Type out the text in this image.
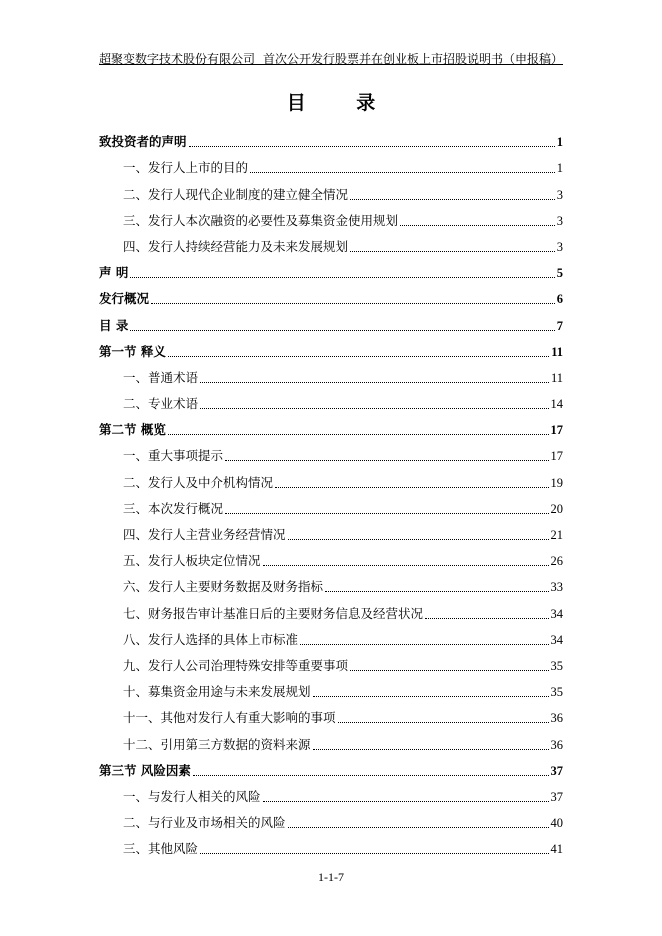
超聚变数字技术股份有限公司 首次公开发行股票并在创业板上市招股说明书（申报稿）
目 录
致投资者的声明	1
一、发行人上市的目的	1
二、发行人现代企业制度的建立健全情况	3
三、发行人本次融资的必要性及募集资金使用规划	3
四、发行人持续经营能力及未来发展规划	3
声 明	5
发行概况	6
目 录	7
第一节 释义	11
一、普通术语	11
二、专业术语	14
第二节 概览	17
一、重大事项提示	17
二、发行人及中介机构情况	19
三、本次发行概况	20
四、发行人主营业务经营情况	21
五、发行人板块定位情况	26
六、发行人主要财务数据及财务指标	33
七、财务报告审计基准日后的主要财务信息及经营状况	34
八、发行人选择的具体上市标准	34
九、发行人公司治理特殊安排等重要事项	35
十、募集资金用途与未来发展规划	35
十一、其他对发行人有重大影响的事项	36
十二、引用第三方数据的资料来源	36
第三节 风险因素	37
一、与发行人相关的风险	37
二、与行业及市场相关的风险	40
三、其他风险	41
1-1-7
